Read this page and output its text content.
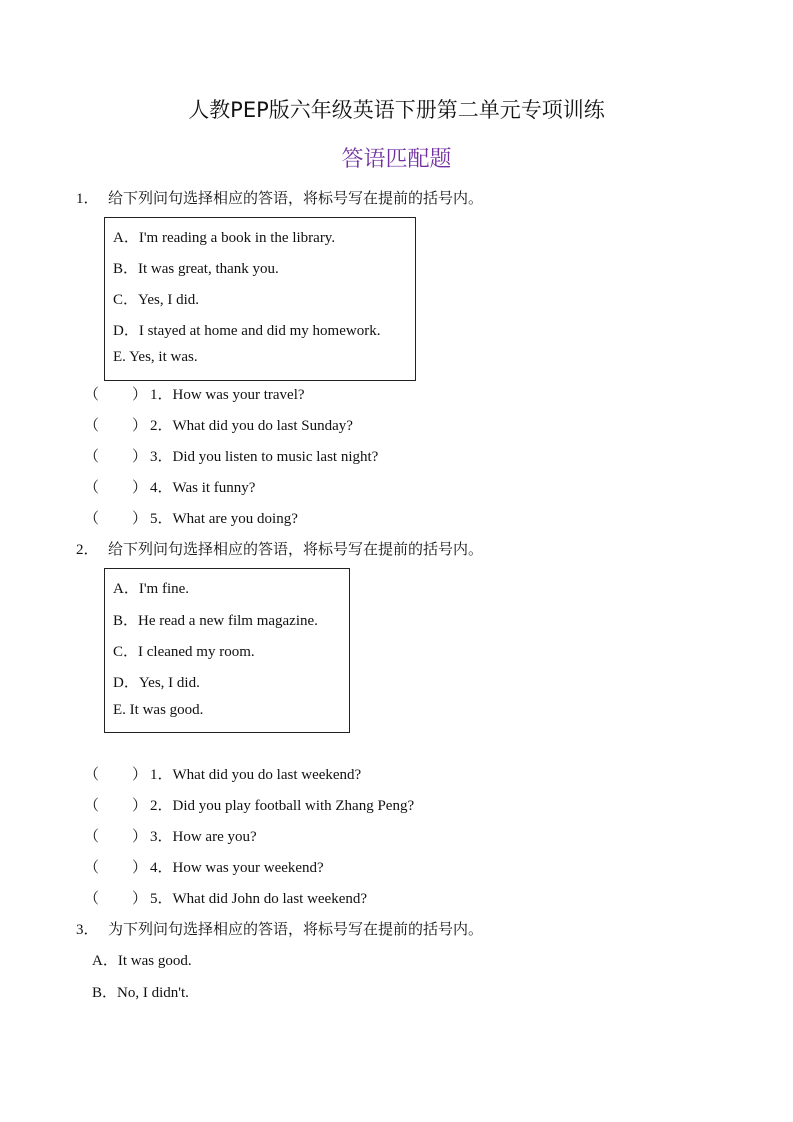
人教PEP版六年级英语下册第二单元专项训练
答语匹配题
1． 给下列问句选择相应的答语，将标号写在提前的括号内。
A．I'm reading a book in the library.
B．It was great, thank you.
C．Yes, I did.
D．I stayed at home and did my homework.
E. Yes, it was.
（ ） 1．How was your travel?
（ ） 2．What did you do last Sunday?
（ ） 3．Did you listen to music last night?
（ ） 4．Was it funny?
（ ） 5．What are you doing?
2． 给下列问句选择相应的答语，将标号写在提前的括号内。
A．I'm fine.
B．He read a new film magazine.
C．I cleaned my room.
D．Yes, I did.
E. It was good.
（ ） 1．What did you do last weekend?
（ ） 2．Did you play football with Zhang Peng?
（ ） 3．How are you?
（ ） 4．How was your weekend?
（ ） 5．What did John do last weekend?
3． 为下列问句选择相应的答语，将标号写在提前的括号内。
A．It was good.
B．No, I didn't.
